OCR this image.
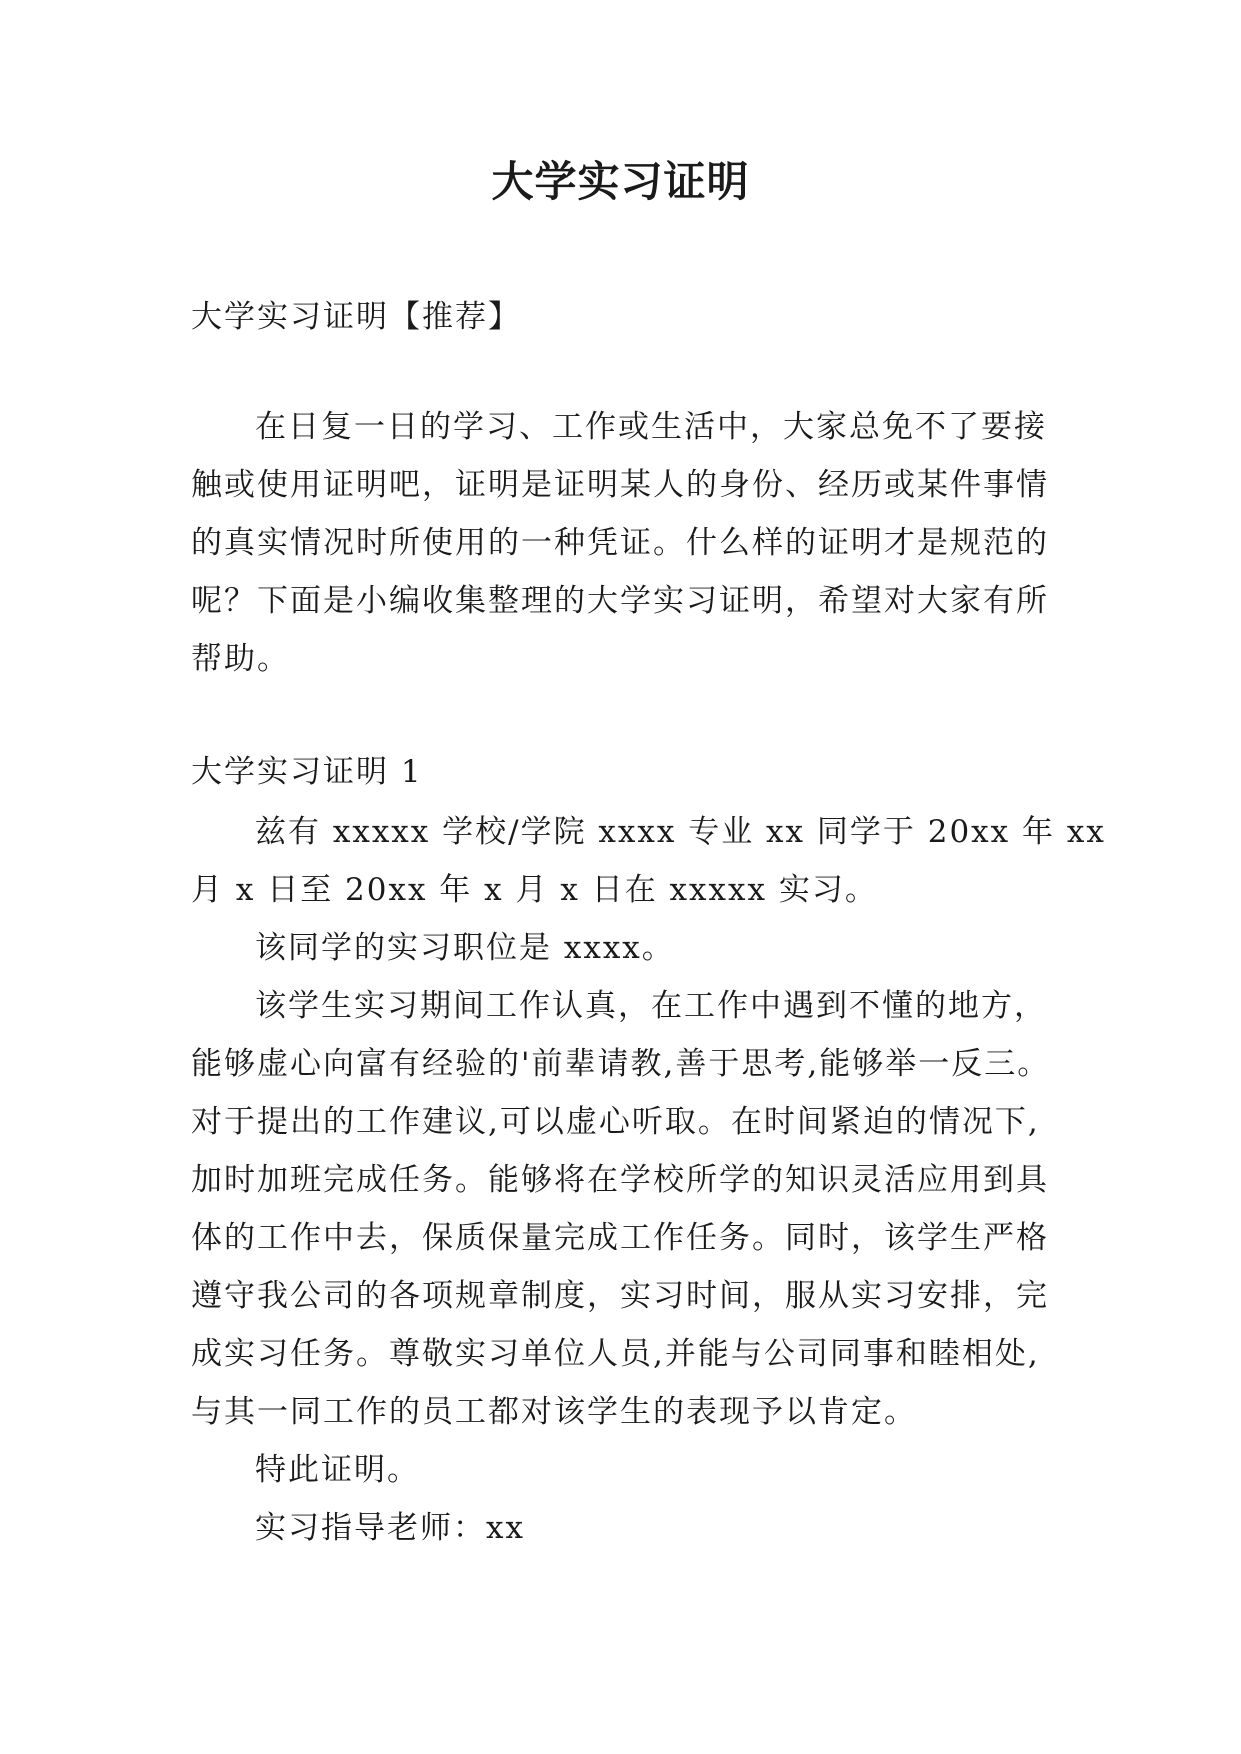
大学实习证明
大学实习证明【推荐】
在日复一日的学习、工作或生活中，大家总免不了要接
触或使用证明吧，证明是证明某人的身份、经历或某件事情
的真实情况时所使用的一种凭证。什么样的证明才是规范的
呢？下面是小编收集整理的大学实习证明，希望对大家有所
帮助。
大学实习证明 1
兹有 xxxxx 学校/学院 xxxx 专业 xx 同学于 20xx 年 xx
月 x 日至 20xx 年 x 月 x 日在 xxxxx 实习。
该同学的实习职位是 xxxx。
该学生实习期间工作认真，在工作中遇到不懂的地方，
能够虚心向富有经验的'前辈请教,善于思考,能够举一反三。
对于提出的工作建议,可以虚心听取。在时间紧迫的情况下,
加时加班完成任务。能够将在学校所学的知识灵活应用到具
体的工作中去，保质保量完成工作任务。同时，该学生严格
遵守我公司的各项规章制度，实习时间，服从实习安排，完
成实习任务。尊敬实习单位人员,并能与公司同事和睦相处,
与其一同工作的员工都对该学生的表现予以肯定。
特此证明。
实习指导老师：xx
